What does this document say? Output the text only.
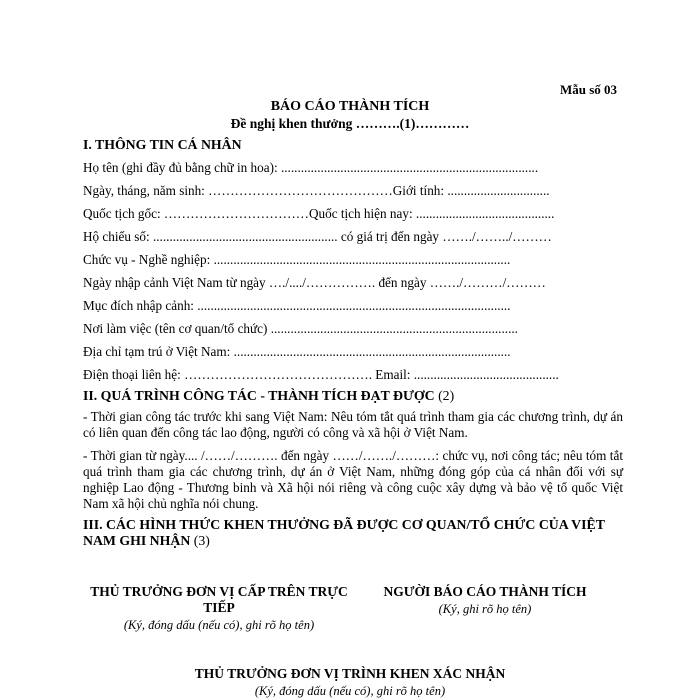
Mẫu số 03
BÁO CÁO THÀNH TÍCH
Đề nghị khen thưởng ……….(1)…………
I. THÔNG TIN CÁ NHÂN
Họ tên (ghi đầy đủ bằng chữ in hoa): ..............................................................................
Ngày, tháng, năm sinh: ……………………………………Giới tính: ...............................
Quốc tịch gốc: ……………………………Quốc tịch hiện nay: ..........................................
Hộ chiếu số: ........................................................ có giá trị đến ngày ……./……../………
Chức vụ - Nghề nghiệp: ..........................................................................................
Ngày nhập cảnh Việt Nam từ ngày …./..../……………. đến ngày ……./………/………
Mục đích nhập cảnh: ...............................................................................................
Nơi làm việc (tên cơ quan/tổ chức) ...........................................................................
Địa chỉ tạm trú ở Việt Nam: ....................................................................................
Điện thoại liên hệ: ……………………………………. Email: ............................................
II. QUÁ TRÌNH CÔNG TÁC - THÀNH TÍCH ĐẠT ĐƯỢC (2)
- Thời gian công tác trước khi sang Việt Nam: Nêu tóm tắt quá trình tham gia các chương trình, dự án có liên quan đến công tác lao động, người có công và xã hội ở Việt Nam.
- Thời gian từ ngày.... /……/………. đến ngày ……/……./………: chức vụ, nơi công tác; nêu tóm tắt quá trình tham gia các chương trình, dự án ở Việt Nam, những đóng góp của cá nhân đối với sự nghiệp Lao động - Thương binh và Xã hội nói riêng và công cuộc xây dựng và bảo vệ tổ quốc Việt Nam xã hội chủ nghĩa nói chung.
III. CÁC HÌNH THỨC KHEN THƯỞNG ĐÃ ĐƯỢC CƠ QUAN/TỔ CHỨC CỦA VIỆT NAM GHI NHẬN (3)
THỦ TRƯỞNG ĐƠN VỊ CẤP TRÊN TRỰC TIẾP
(Ký, đóng dấu (nếu có), ghi rõ họ tên)
NGƯỜI BÁO CÁO THÀNH TÍCH
(Ký, ghi rõ họ tên)
THỦ TRƯỞNG ĐƠN VỊ TRÌNH KHEN XÁC NHẬN
(Ký, đóng dấu (nếu có), ghi rõ họ tên)
